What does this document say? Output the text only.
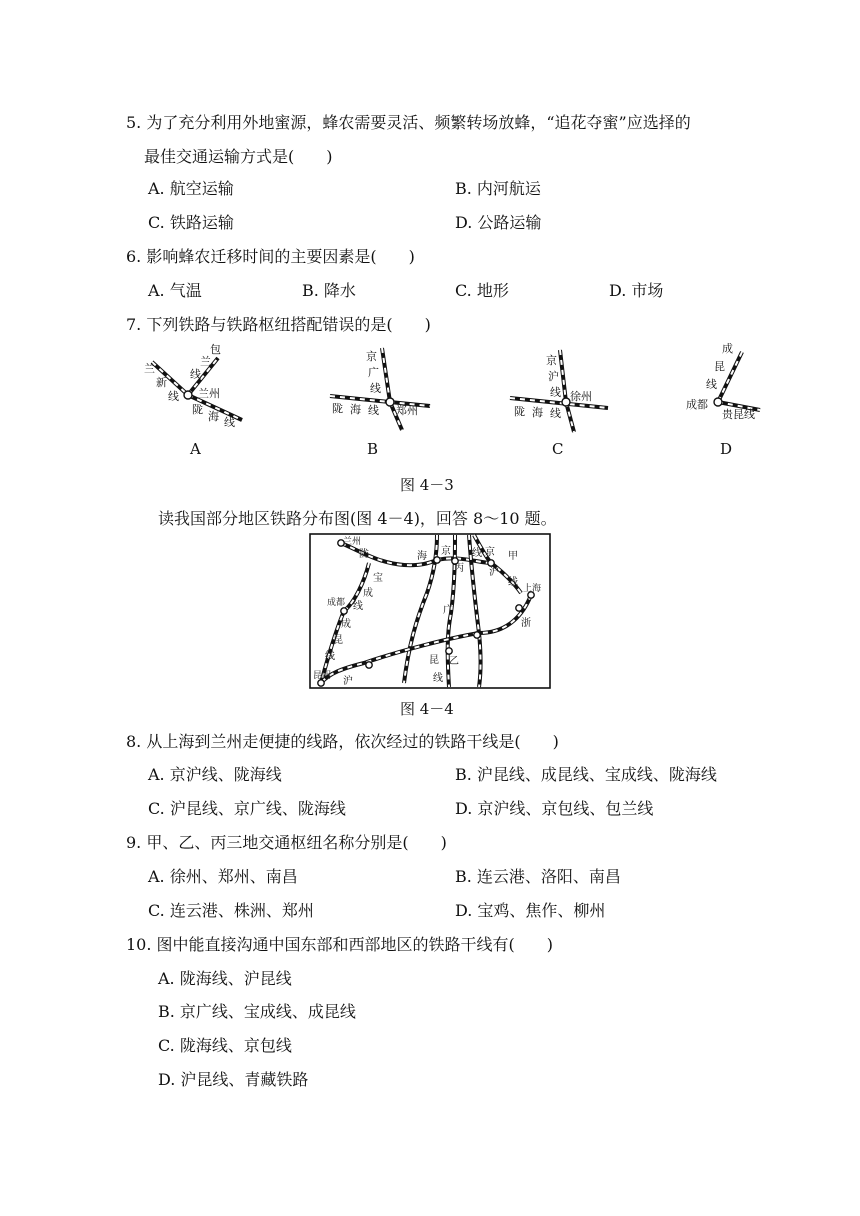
5. 为了充分利用外地蜜源，蜂农需要灵活、频繁转场放蜂，“追花夺蜜”应选择的
最佳交通运输方式是(　　)
A. 航空运输	B. 内河航运
C. 铁路运输	D. 公路运输
6. 影响蜂农迁移时间的主要因素是(　　)
A. 气温	B. 降水	C. 地形	D. 市场
7. 下列铁路与铁路枢纽搭配错误的是(　　)
兰
新
线
包
兰
线
兰州
陇
海 线
京
广
线
陇 海 线 郑州
京
沪
线 徐州
陇 海 线
成
昆
线
成都
贵昆线
A	B	C	D
图 4－3
读我国部分地区铁路分布图(图 4－4)，回答 8～10 题。
兰州
陇	海 京 线 京 甲
丙	沪
线
上海
宝
成
线
成都
成
昆
线
广
昆 乙
线
浙
昆明 沪
图 4－4
8. 从上海到兰州走便捷的线路，依次经过的铁路干线是(　　)
A. 京沪线、陇海线	B. 沪昆线、成昆线、宝成线、陇海线
C. 沪昆线、京广线、陇海线	D. 京沪线、京包线、包兰线
9. 甲、乙、丙三地交通枢纽名称分别是(　　)
A. 徐州、郑州、南昌	B. 连云港、洛阳、南昌
C. 连云港、株洲、郑州	D. 宝鸡、焦作、柳州
10. 图中能直接沟通中国东部和西部地区的铁路干线有(　　)
A. 陇海线、沪昆线
B. 京广线、宝成线、成昆线
C. 陇海线、京包线
D. 沪昆线、青藏铁路
